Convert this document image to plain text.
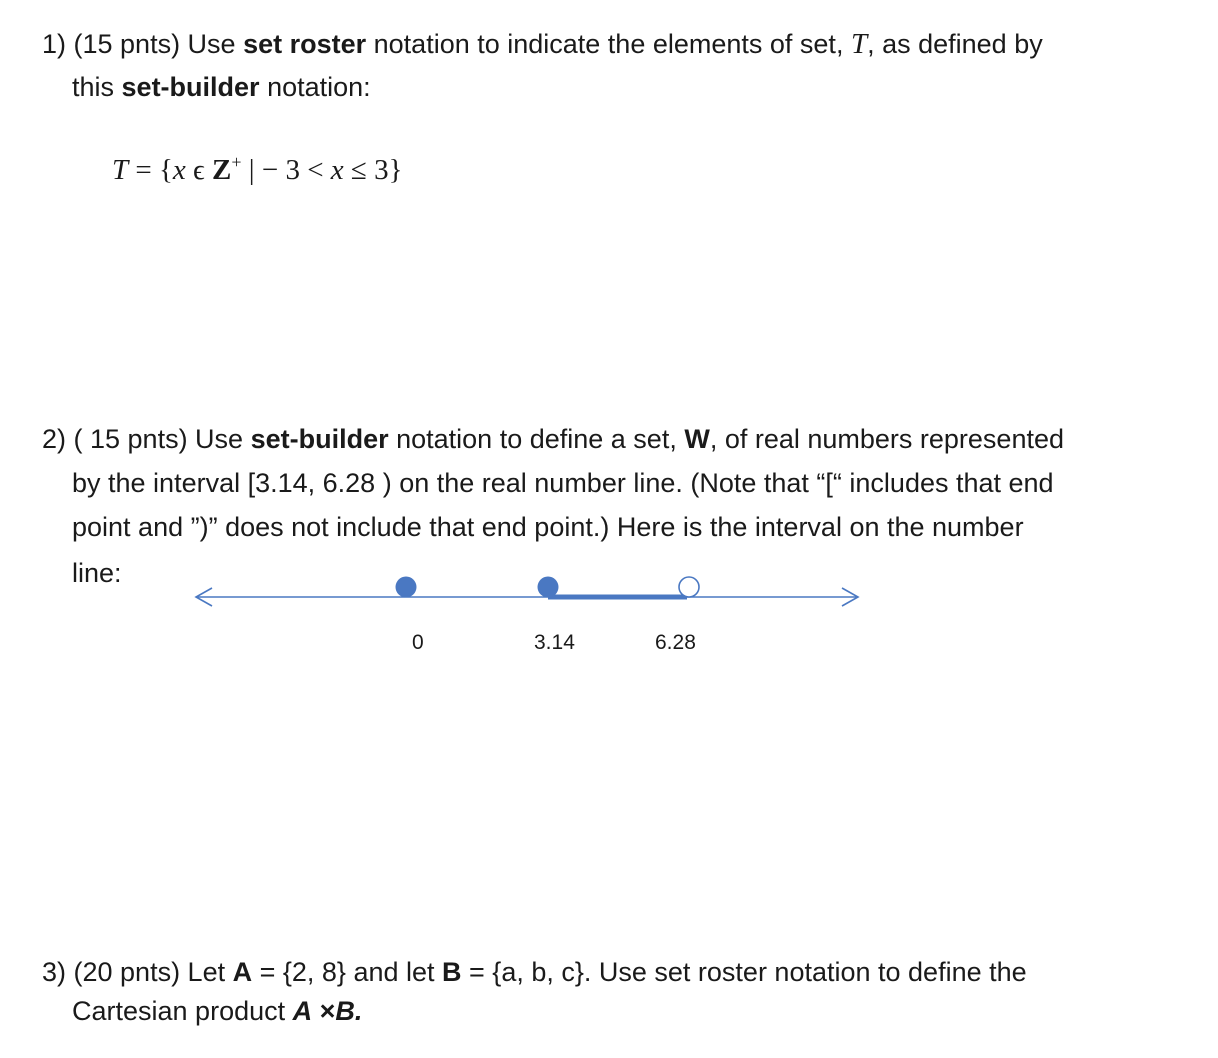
1) (15 pnts) Use set roster notation to indicate the elements of set, T, as defined by
this set-builder notation:
T = {x ϵ Z+ | − 3 < x ≤ 3}
2) ( 15 pnts) Use set-builder notation to define a set, W, of real numbers represented
by the interval [3.14, 6.28 ) on the real number line. (Note that “[“ includes that end
point and ”)” does not include that end point.) Here is the interval on the number
line:
0	3.14	6.28
3) (20 pnts) Let A = {2, 8} and let B = {a, b, c}. Use set roster notation to define the
Cartesian product A ×B.
